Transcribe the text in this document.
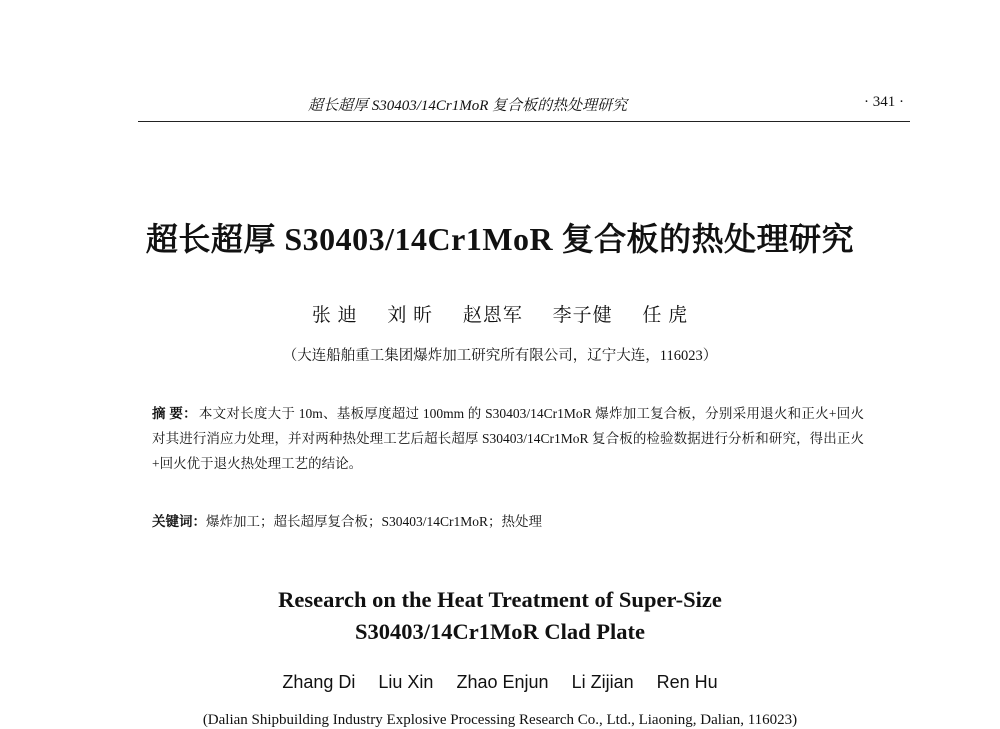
超长超厚 S30403/14Cr1MoR 复合板的热处理研究	· 341 ·
超长超厚 S30403/14Cr1MoR 复合板的热处理研究
张 迪 刘 昕 赵恩军 李子健 任 虎
（大连船舶重工集团爆炸加工研究所有限公司，辽宁大连，116023）
摘 要： 本文对长度大于 10m、基板厚度超过 100mm 的 S30403/14Cr1MoR 爆炸加工复合板，分别采用退火和正火+回火对其进行消应力处理，并对两种热处理工艺后超长超厚 S30403/14Cr1MoR 复合板的检验数据进行分析和研究，得出正火+回火优于退火热处理工艺的结论。
关键词：爆炸加工；超长超厚复合板；S30403/14Cr1MoR；热处理
Research on the Heat Treatment of Super-Size
S30403/14Cr1MoR Clad Plate
Zhang Di Liu Xin Zhao Enjun Li Zijian Ren Hu
(Dalian Shipbuilding Industry Explosive Processing Research Co., Ltd., Liaoning, Dalian, 116023)
